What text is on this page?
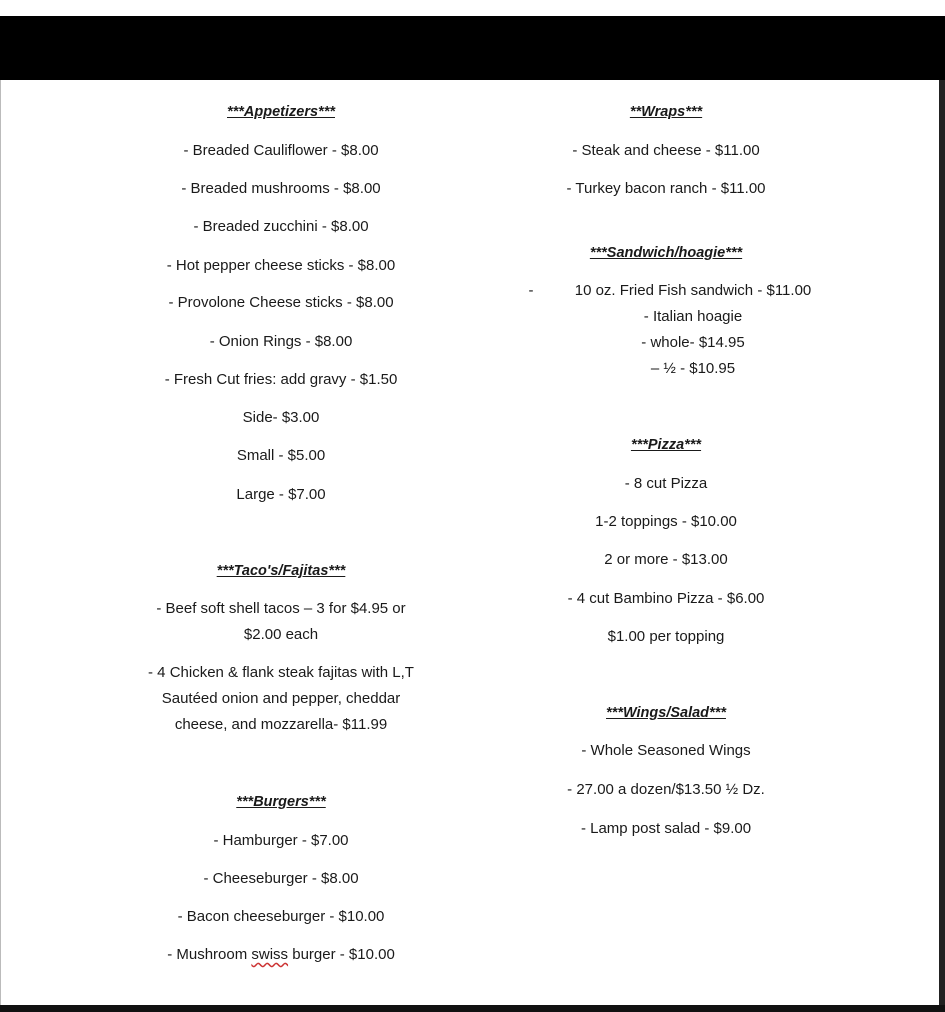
***Appetizers***
- Breaded Cauliflower - $8.00
- Breaded mushrooms - $8.00
- Breaded zucchini - $8.00
- Hot pepper cheese sticks - $8.00
- Provolone Cheese sticks - $8.00
- Onion Rings - $8.00
- Fresh Cut fries: add gravy - $1.50
Side- $3.00
Small - $5.00
Large - $7.00
***Taco's/Fajitas***
- Beef soft shell tacos – 3 for $4.95 or
$2.00 each
- 4 Chicken & flank steak fajitas with L,T
Sautéed onion and pepper, cheddar
cheese, and mozzarella- $11.99
***Burgers***
- Hamburger - $7.00
- Cheeseburger - $8.00
- Bacon cheeseburger - $10.00
- Mushroom swiss burger - $10.00
**Wraps***
- Steak and cheese - $11.00
- Turkey bacon ranch - $11.00
***Sandwich/hoagie***
-	10 oz. Fried Fish sandwich - $11.00
- Italian hoagie
- whole- $14.95
– ½ - $10.95
***Pizza***
- 8 cut Pizza
1-2 toppings - $10.00
2 or more - $13.00
- 4 cut Bambino Pizza - $6.00
$1.00 per topping
***Wings/Salad***
- Whole Seasoned Wings
- 27.00 a dozen/$13.50 ½ Dz.
- Lamp post salad - $9.00
